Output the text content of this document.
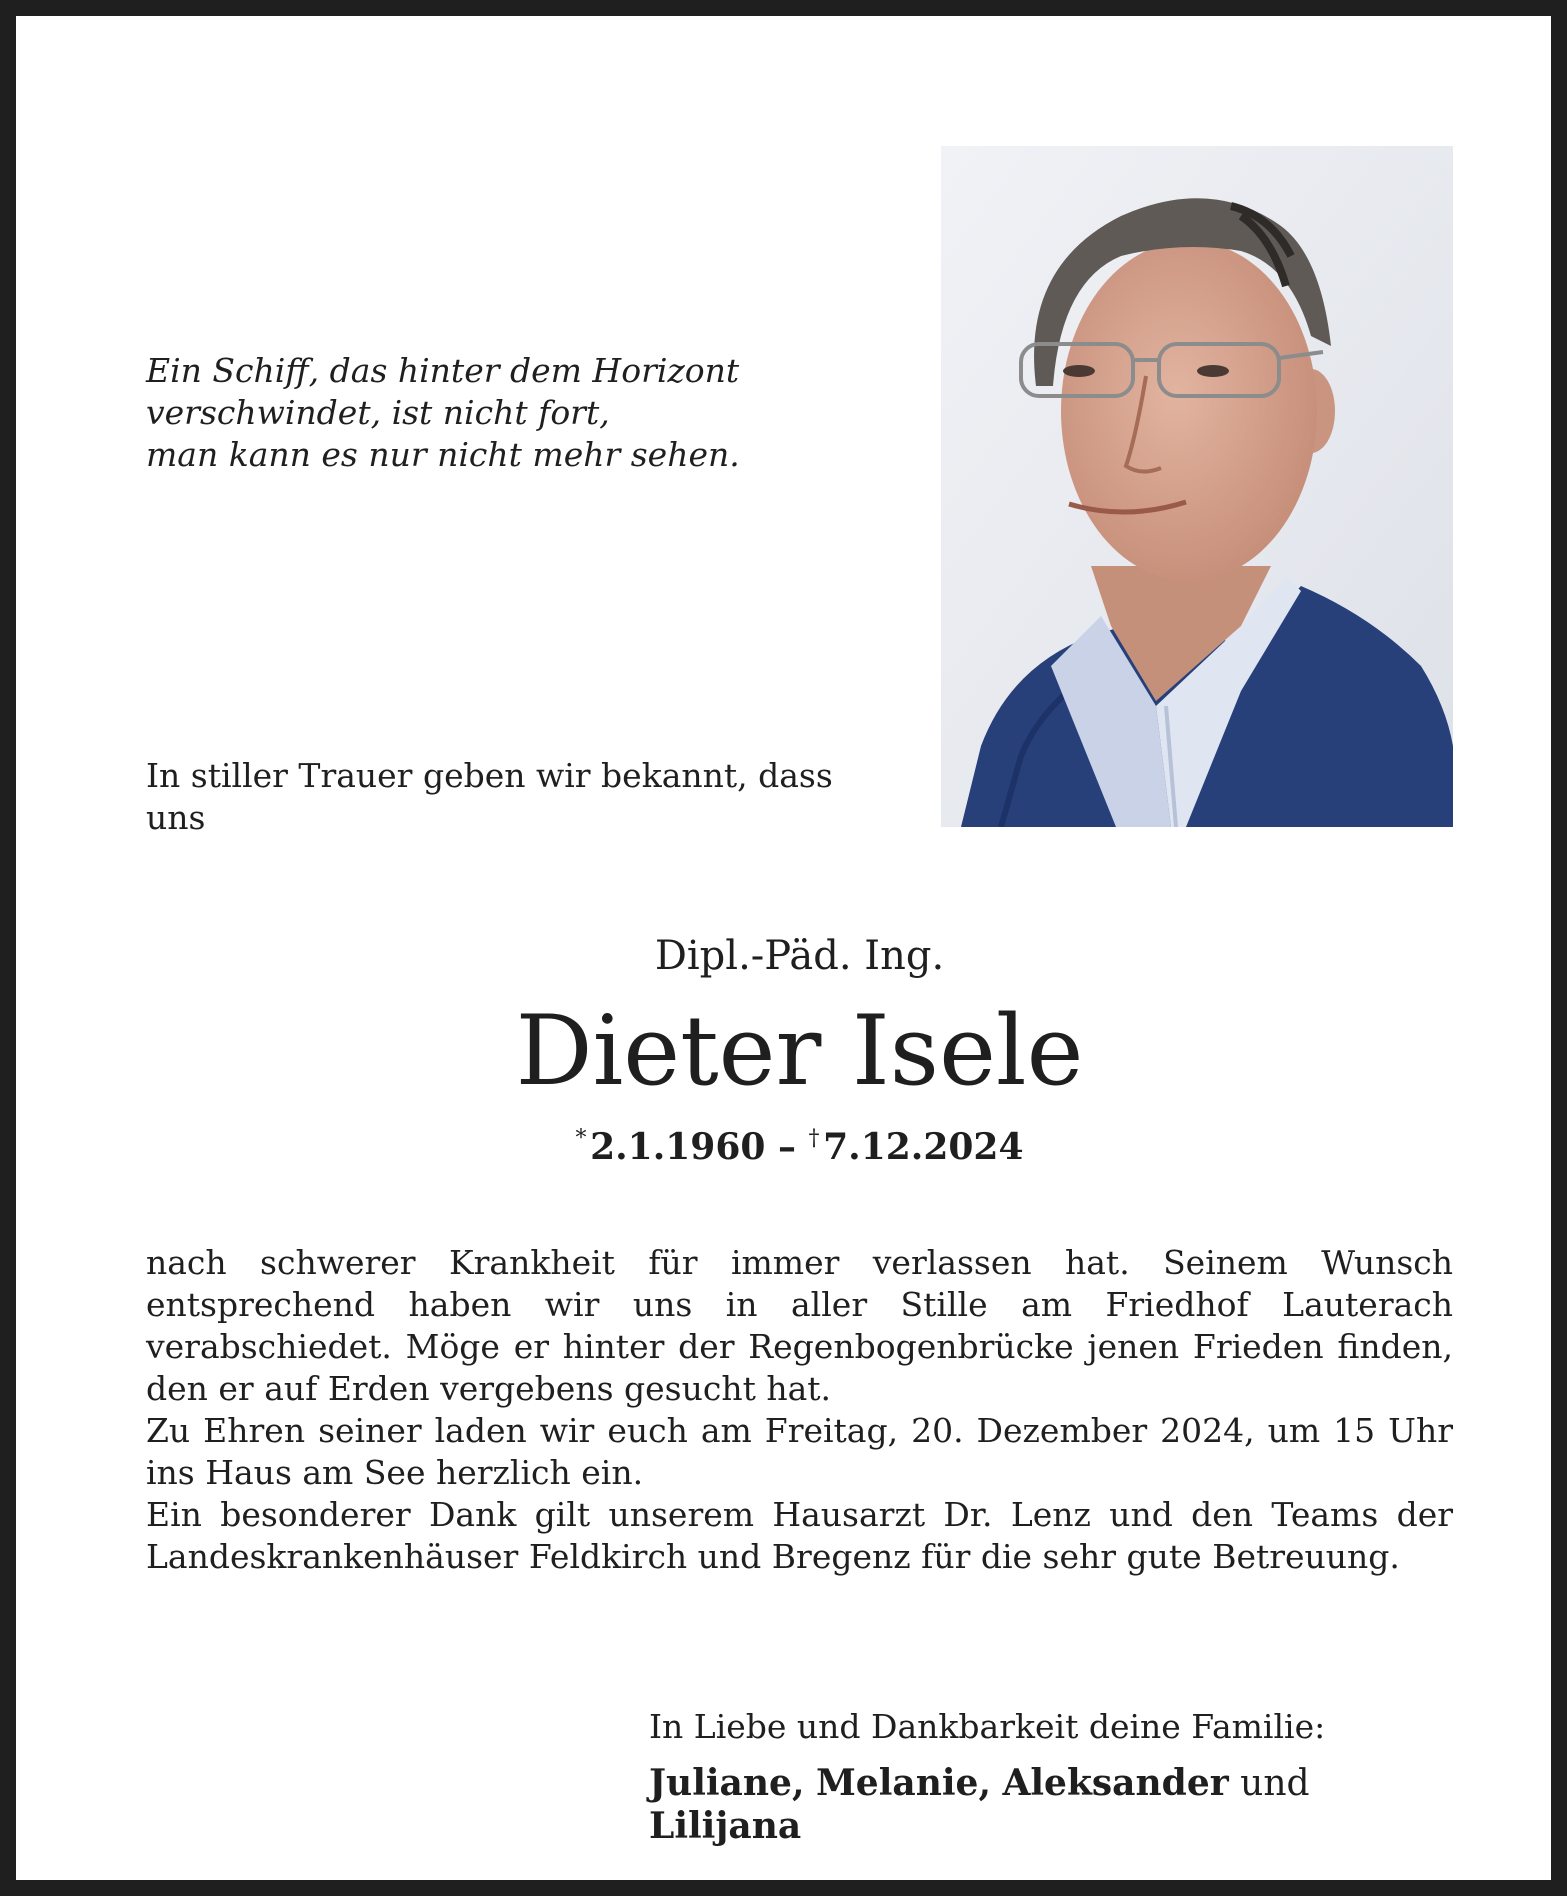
Ein Schiff, das hinter dem Horizont
verschwindet, ist nicht fort,
man kann es nur nicht mehr sehen.
In stiller Trauer geben wir bekannt, dass uns
Dipl.-Päd. Ing.
Dieter Isele
* 2.1.1960 – † 7.12.2024

nach schwerer Krankheit für immer verlassen hat. Seinem Wunsch entsprechend haben wir uns in aller Stille am Friedhof Lauterach verabschiedet. Möge er hinter der Regenbogenbrücke jenen Frieden finden, den er auf Erden vergebens gesucht hat.

Zu Ehren seiner laden wir euch am Freitag, 20. Dezember 2024, um 15 Uhr ins Haus am See herzlich ein.

Ein besonderer Dank gilt unserem Hausarzt Dr. Lenz und den Teams der Landeskrankenhäuser Feldkirch und Bregenz für die sehr gute Betreuung.

In Liebe und Dankbarkeit deine Familie:
Juliane, Melanie, Aleksander und Lilijana
